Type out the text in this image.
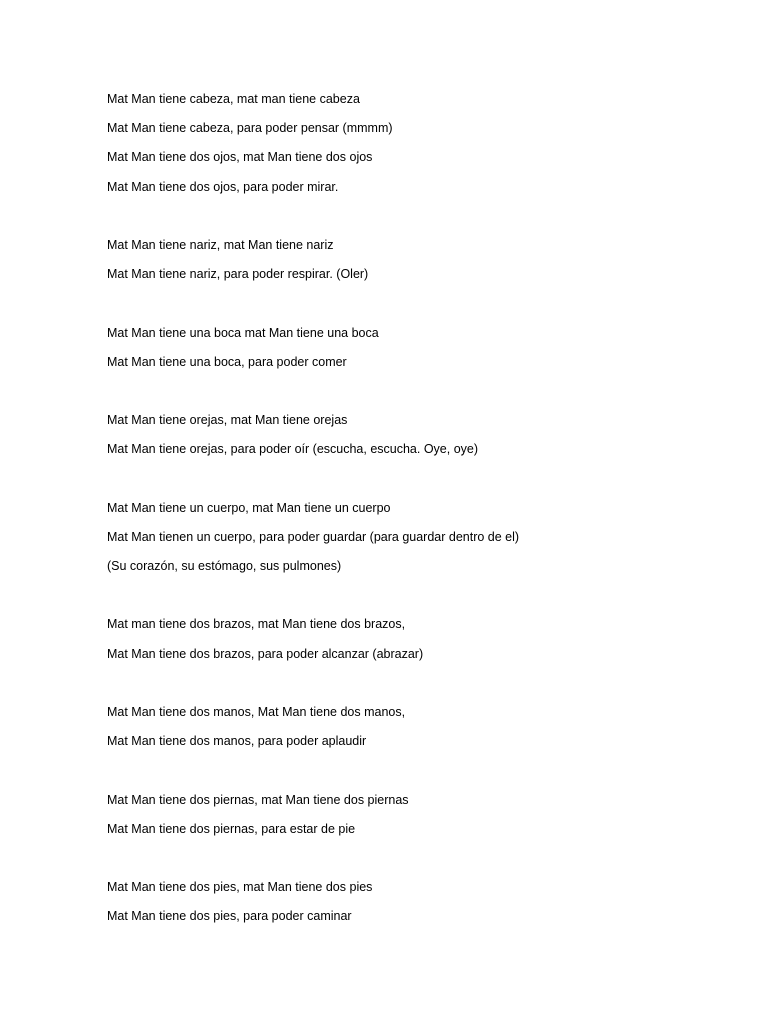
Mat Man tiene cabeza, mat man tiene cabeza
Mat Man tiene cabeza, para poder pensar (mmmm)
Mat Man tiene dos ojos, mat Man tiene dos ojos
Mat Man tiene dos ojos, para poder mirar.
Mat Man tiene nariz, mat Man tiene nariz
Mat Man tiene nariz, para poder respirar. (Oler)
Mat Man tiene una boca mat Man tiene una boca
Mat Man tiene una boca, para poder comer
Mat Man tiene orejas, mat Man tiene orejas
Mat Man tiene orejas, para poder oír (escucha, escucha. Oye, oye)
Mat Man tiene un cuerpo, mat Man tiene un cuerpo
Mat Man tienen un cuerpo, para poder guardar (para guardar dentro de el)
(Su corazón, su estómago, sus pulmones)
Mat man tiene dos brazos, mat Man tiene dos brazos,
Mat Man tiene dos brazos, para poder alcanzar (abrazar)
Mat Man tiene dos manos, Mat Man tiene dos manos,
Mat Man tiene dos manos, para poder aplaudir
Mat Man tiene dos piernas, mat Man tiene dos piernas
Mat Man tiene dos piernas, para estar de pie
Mat Man tiene dos pies, mat Man tiene dos pies
Mat Man tiene dos pies, para poder caminar
